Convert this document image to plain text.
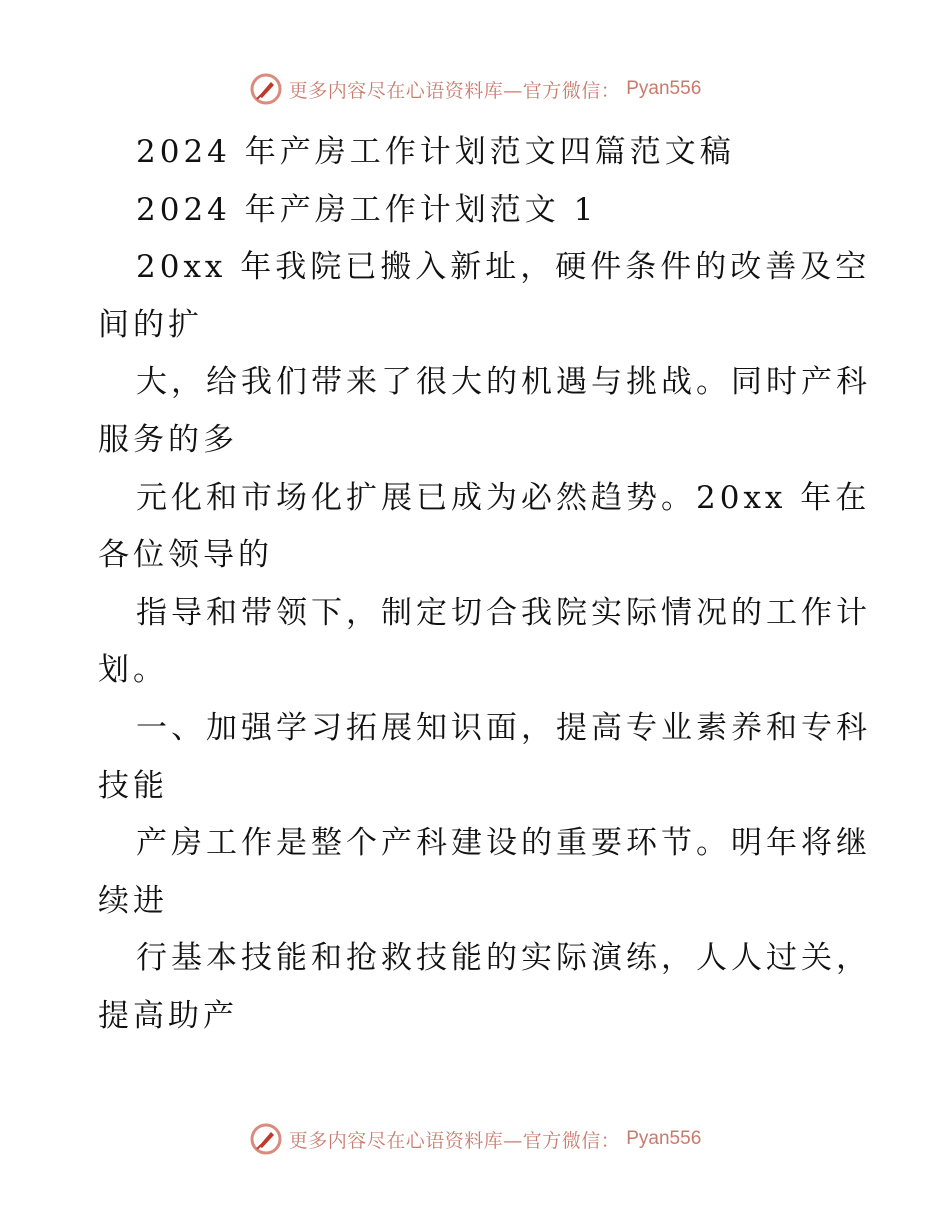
更多内容尽在心语资料库—官方微信： Pyan556
2024 年产房工作计划范文四篇范文稿
2024 年产房工作计划范文 1
20xx 年我院已搬入新址，硬件条件的改善及空
间的扩
大，给我们带来了很大的机遇与挑战。同时产科
服务的多
元化和市场化扩展已成为必然趋势。20xx 年在
各位领导的
指导和带领下，制定切合我院实际情况的工作计
划。
一、加强学习拓展知识面，提高专业素养和专科
技能
产房工作是整个产科建设的重要环节。明年将继
续进
行基本技能和抢救技能的实际演练，人人过关，
提高助产
更多内容尽在心语资料库—官方微信： Pyan556
